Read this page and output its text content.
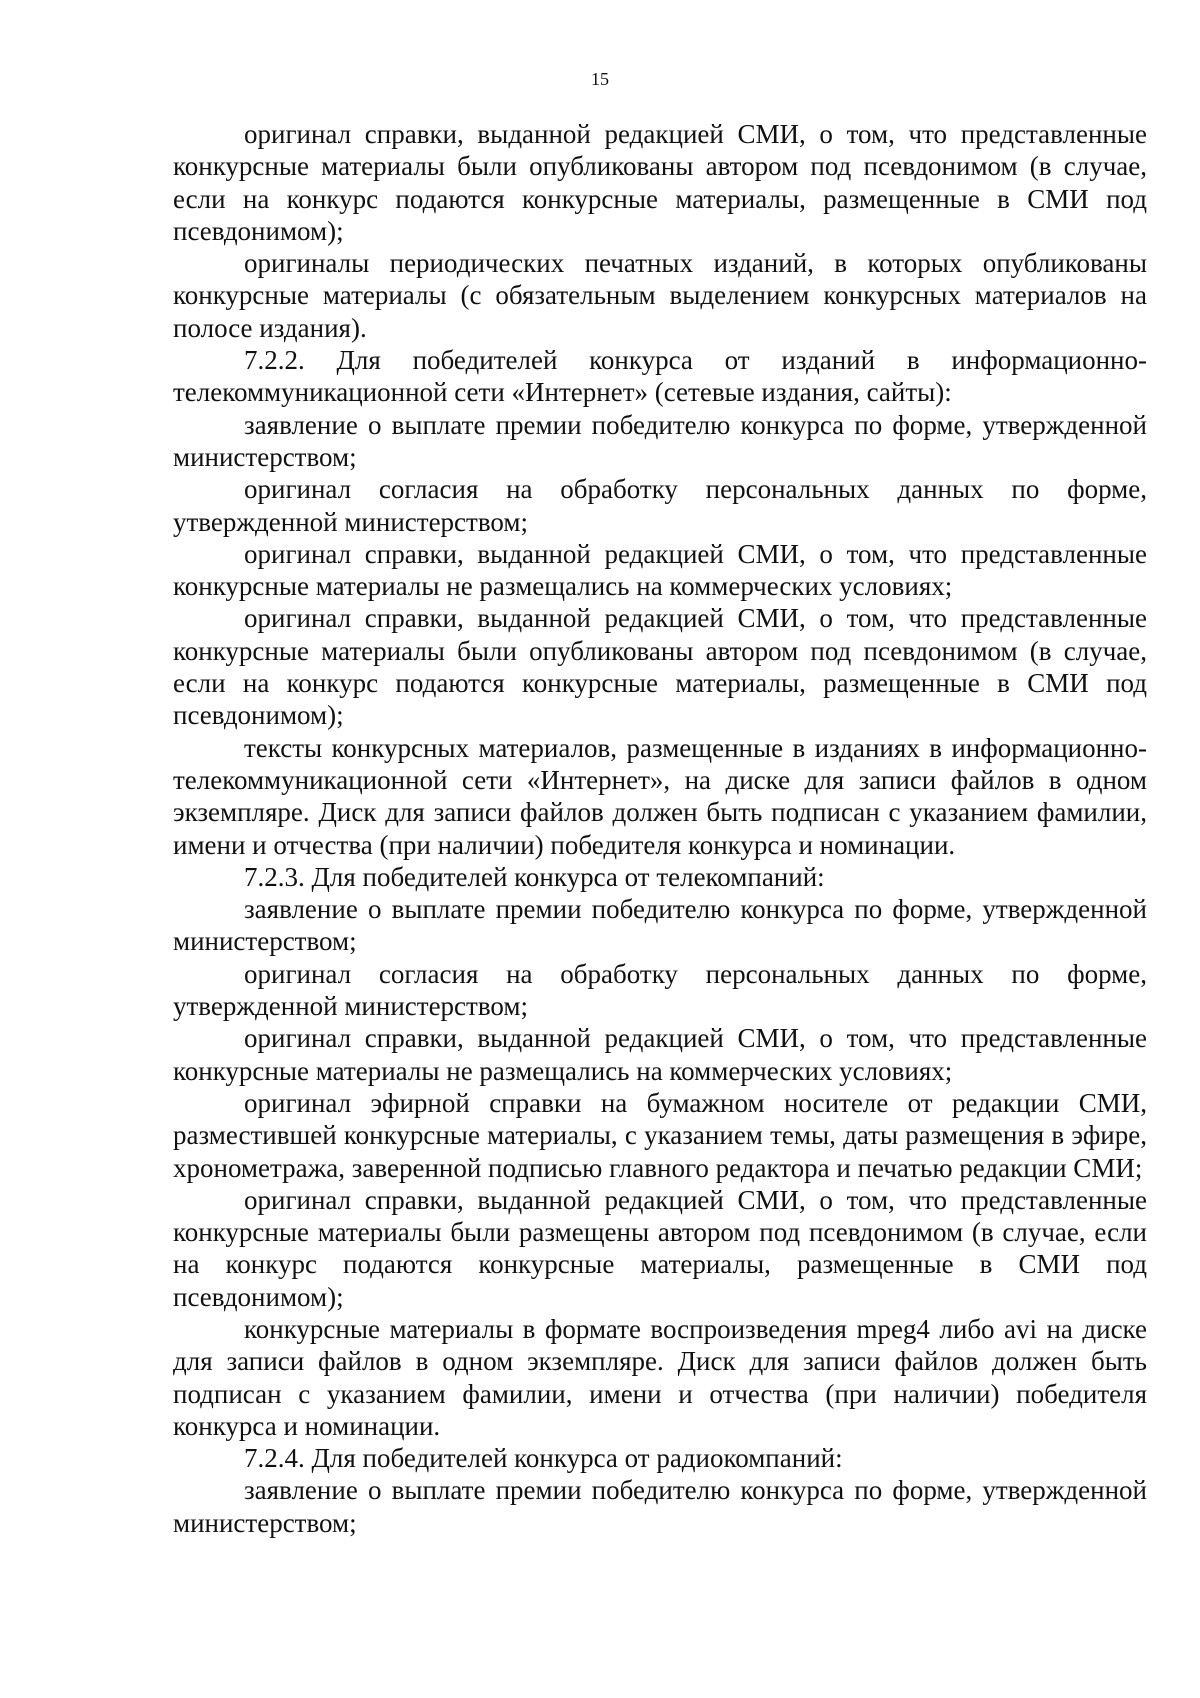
15

оригинал справки, выданной редакцией СМИ, о том, что представленные конкурсные материалы были опубликованы автором под псевдонимом (в случае, если на конкурс подаются конкурсные материалы, размещенные в СМИ под псевдонимом);

оригиналы периодических печатных изданий, в которых опубликованы конкурсные материалы (с обязательным выделением конкурсных материалов на полосе издания).

7.2.2. Для победителей конкурса от изданий в информационно-телекоммуникационной сети «Интернет» (сетевые издания, сайты):

заявление о выплате премии победителю конкурса по форме, утвержденной министерством;

оригинал согласия на обработку персональных данных по форме, утвержденной министерством;

оригинал справки, выданной редакцией СМИ, о том, что представленные конкурсные материалы не размещались на коммерческих условиях;

оригинал справки, выданной редакцией СМИ, о том, что представленные конкурсные материалы были опубликованы автором под псевдонимом (в случае, если на конкурс подаются конкурсные материалы, размещенные в СМИ под псевдонимом);

тексты конкурсных материалов, размещенные в изданиях в информационно-телекоммуникационной сети «Интернет», на диске для записи файлов в одном экземпляре. Диск для записи файлов должен быть подписан с указанием фамилии, имени и отчества (при наличии) победителя конкурса и номинации.

7.2.3. Для победителей конкурса от телекомпаний:

заявление о выплате премии победителю конкурса по форме, утвержденной министерством;

оригинал согласия на обработку персональных данных по форме, утвержденной министерством;

оригинал справки, выданной редакцией СМИ, о том, что представленные конкурсные материалы не размещались на коммерческих условиях;

оригинал эфирной справки на бумажном носителе от редакции СМИ, разместившей конкурсные материалы, с указанием темы, даты размещения в эфире, хронометража, заверенной подписью главного редактора и печатью редакции СМИ;

оригинал справки, выданной редакцией СМИ, о том, что представленные конкурсные материалы были размещены автором под псевдонимом (в случае, если на конкурс подаются конкурсные материалы, размещенные в СМИ под псевдонимом);

конкурсные материалы в формате воспроизведения mpeg4 либо avi на диске для записи файлов в одном экземпляре. Диск для записи файлов должен быть подписан с указанием фамилии, имени и отчества (при наличии) победителя конкурса и номинации.

7.2.4. Для победителей конкурса от радиокомпаний:

заявление о выплате премии победителю конкурса по форме, утвержденной министерством;
